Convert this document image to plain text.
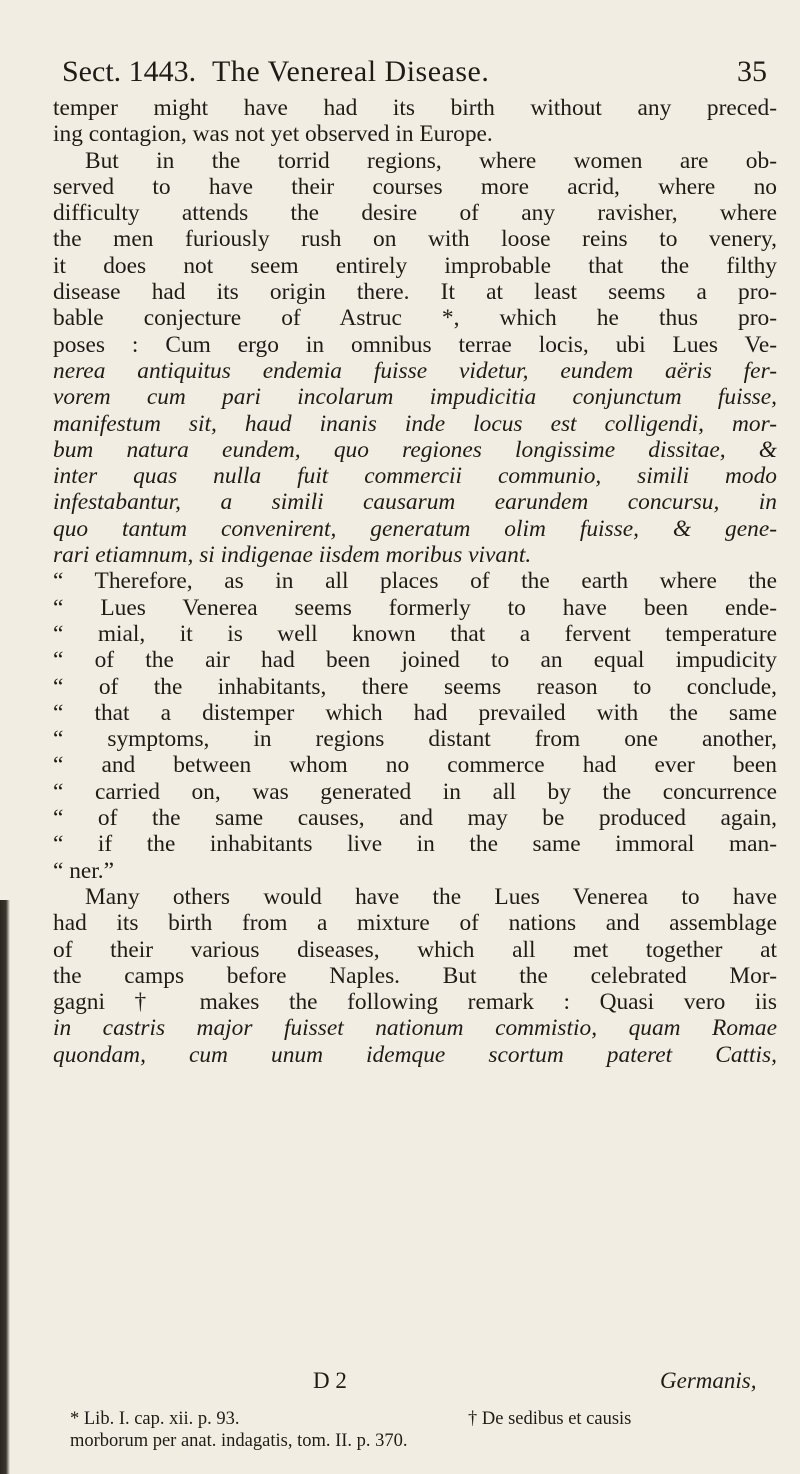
Sect. 1443. The Venereal Disease.	35
temper might have had its birth without any preced-
ing contagion, was not yet observed in Europe.
But in the torrid regions, where women are ob-
served to have their courses more acrid, where no
difficulty attends the desire of any ravisher, where
the men furiously rush on with loose reins to venery,
it does not seem entirely improbable that the filthy
disease had its origin there. It at least seems a pro-
bable conjecture of Astruc *, which he thus pro-
poses : Cum ergo in omnibus terrae locis, ubi Lues Ve-
nerea antiquitus endemia fuisse videtur, eundem aëris fer-
vorem cum pari incolarum impudicitia conjunctum fuisse,
manifestum sit, haud inanis inde locus est colligendi, mor-
bum natura eundem, quo regiones longissime dissitae, &
inter quas nulla fuit commercii communio, simili modo
infestabantur, a simili causarum earundem concursu, in
quo tantum convenirent, generatum olim fuisse, & gene-
rari etiamnum, si indigenae iisdem moribus vivant.
“ Therefore, as in all places of the earth where the
“ Lues Venerea seems formerly to have been ende-
“ mial, it is well known that a fervent temperature
“ of the air had been joined to an equal impudicity
“ of the inhabitants, there seems reason to conclude,
“ that a distemper which had prevailed with the same
“ symptoms, in regions distant from one another,
“ and between whom no commerce had ever been
“ carried on, was generated in all by the concurrence
“ of the same causes, and may be produced again,
“ if the inhabitants live in the same immoral man-
“ ner.”
Many others would have the Lues Venerea to have
had its birth from a mixture of nations and assemblage
of their various diseases, which all met together at
the camps before Naples. But the celebrated Mor-
gagni † makes the following remark : Quasi vero iis
in castris major fuisset nationum commistio, quam Romae
quondam, cum unum idemque scortum pateret Cattis,
D 2	Germanis,
* Lib. I. cap. xii. p. 93.	† De sedibus et causis
morborum per anat. indagatis, tom. II. p. 370.
